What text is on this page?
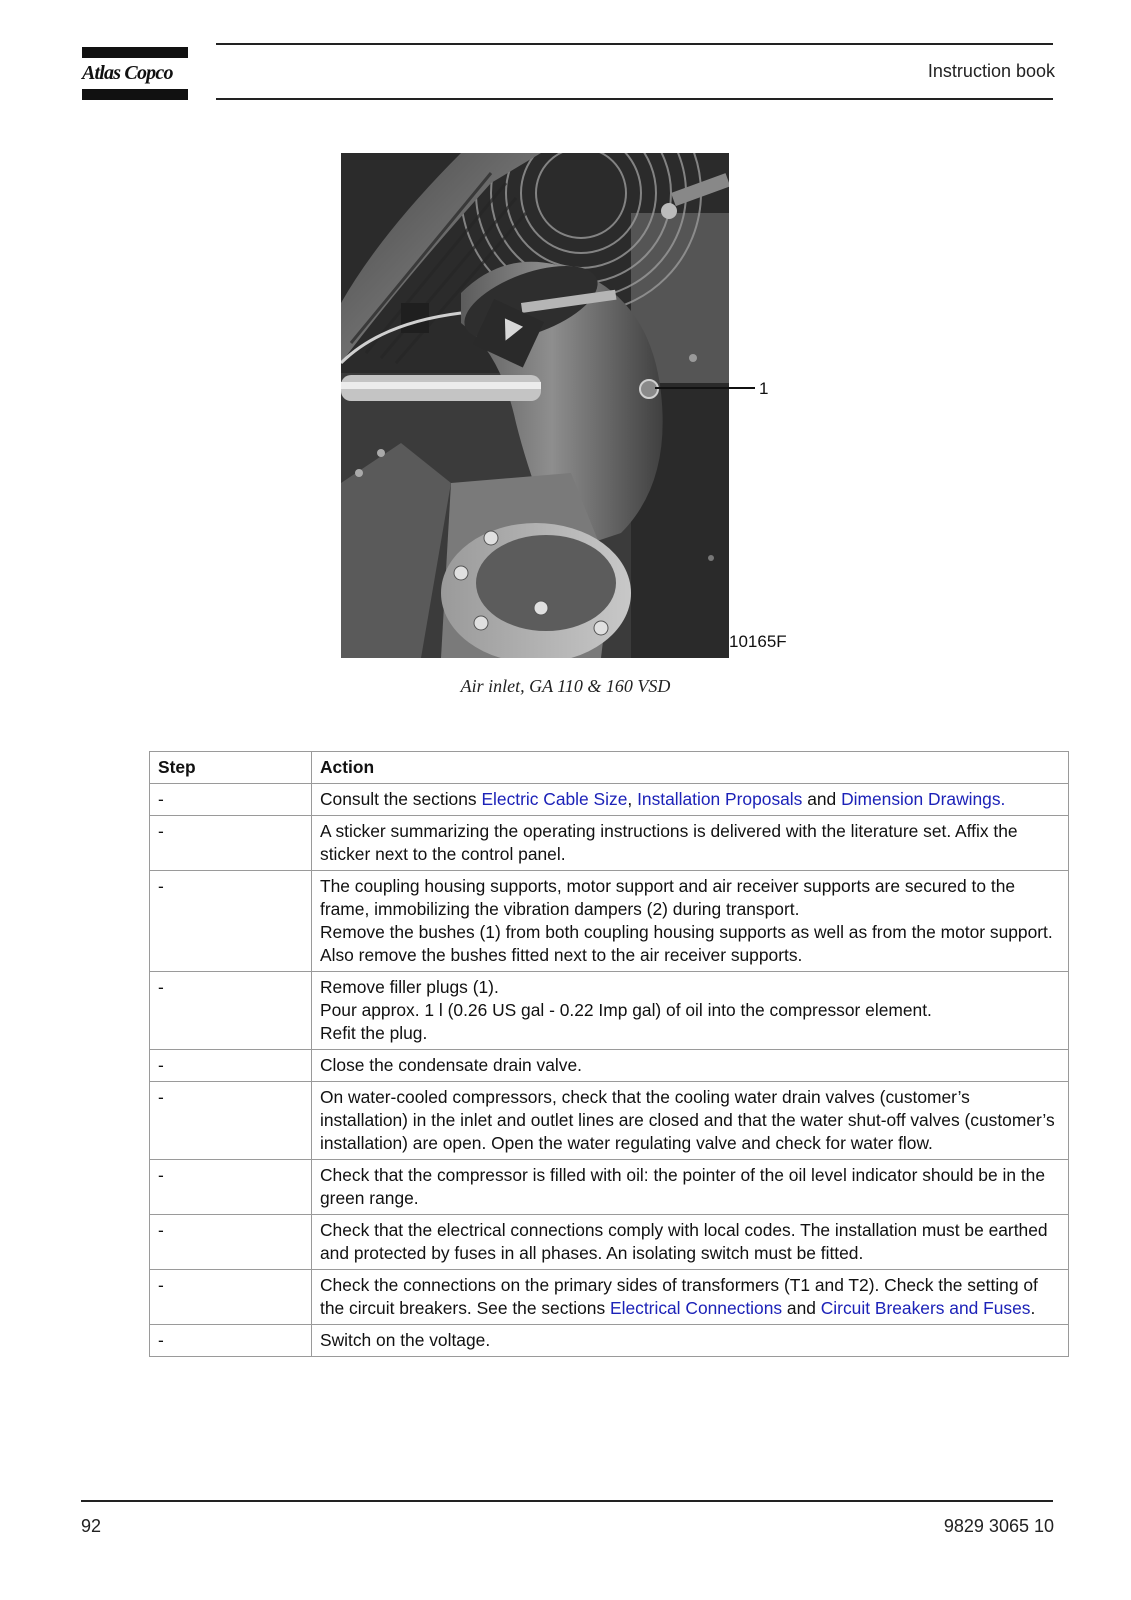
Atlas Copco	Instruction book
1
10165F
Air inlet, GA 110 & 160 VSD
Step	Action
-	Consult the sections Electric Cable Size, Installation Proposals and Dimension Drawings.
-	A sticker summarizing the operating instructions is delivered with the literature set. Affix the sticker next to the control panel.
-	The coupling housing supports, motor support and air receiver supports are secured to the frame, immobilizing the vibration dampers (2) during transport.
Remove the bushes (1) from both coupling housing supports as well as from the motor support. Also remove the bushes fitted next to the air receiver supports.
-	Remove filler plugs (1).
Pour approx. 1 l (0.26 US gal - 0.22 Imp gal) of oil into the compressor element.
Refit the plug.
-	Close the condensate drain valve.
-	On water-cooled compressors, check that the cooling water drain valves (customer’s installation) in the inlet and outlet lines are closed and that the water shut-off valves (customer’s installation) are open. Open the water regulating valve and check for water flow.
-	Check that the compressor is filled with oil: the pointer of the oil level indicator should be in the green range.
-	Check that the electrical connections comply with local codes. The installation must be earthed and protected by fuses in all phases. An isolating switch must be fitted.
-	Check the connections on the primary sides of transformers (T1 and T2). Check the setting of the circuit breakers. See the sections Electrical Connections and Circuit Breakers and Fuses.
-	Switch on the voltage.
92	9829 3065 10
